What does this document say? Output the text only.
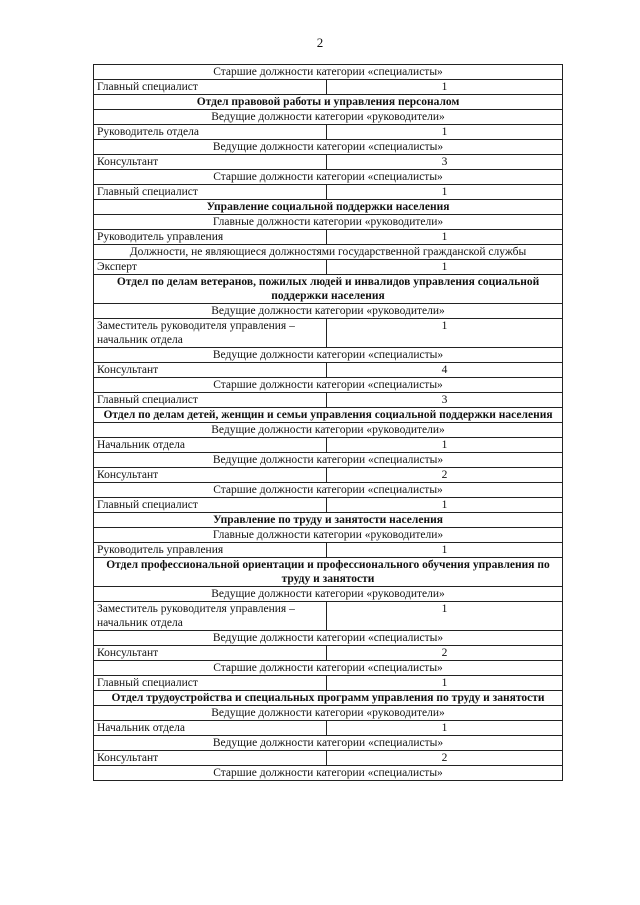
2
Старшие должности категории «специалисты»	
Главный специалист	1
Отдел правовой работы и управления персоналом	
Ведущие должности категории «руководители»	
Руководитель отдела	1
Ведущие должности категории «специалисты»	
Консультант	3
Старшие должности категории «специалисты»	
Главный специалист	1
Управление социальной поддержки населения	
Главные должности категории «руководители»	
Руководитель управления	1
Должности, не являющиеся должностями государственной гражданской службы	
Эксперт	1
Отдел по делам ветеранов, пожилых людей и инвалидов управления социальной поддержки населения	
Ведущие должности категории «руководители»	
Заместитель руководителя управления – начальник отдела	1
Ведущие должности категории «специалисты»	
Консультант	4
Старшие должности категории «специалисты»	
Главный специалист	3
Отдел по делам детей, женщин и семьи управления социальной поддержки населения	
Ведущие должности категории «руководители»	
Начальник отдела	1
Ведущие должности категории «специалисты»	
Консультант	2
Старшие должности категории «специалисты»	
Главный специалист	1
Управление по труду и занятости населения	
Главные должности категории «руководители»	
Руководитель управления	1
Отдел профессиональной ориентации и профессионального обучения управления по труду и занятости	
Ведущие должности категории «руководители»	
Заместитель руководителя управления – начальник отдела	1
Ведущие должности категории «специалисты»	
Консультант	2
Старшие должности категории «специалисты»	
Главный специалист	1
Отдел трудоустройства и специальных программ управления по труду и занятости	
Ведущие должности категории «руководители»	
Начальник отдела	1
Ведущие должности категории «специалисты»	
Консультант	2
Старшие должности категории «специалисты»	
